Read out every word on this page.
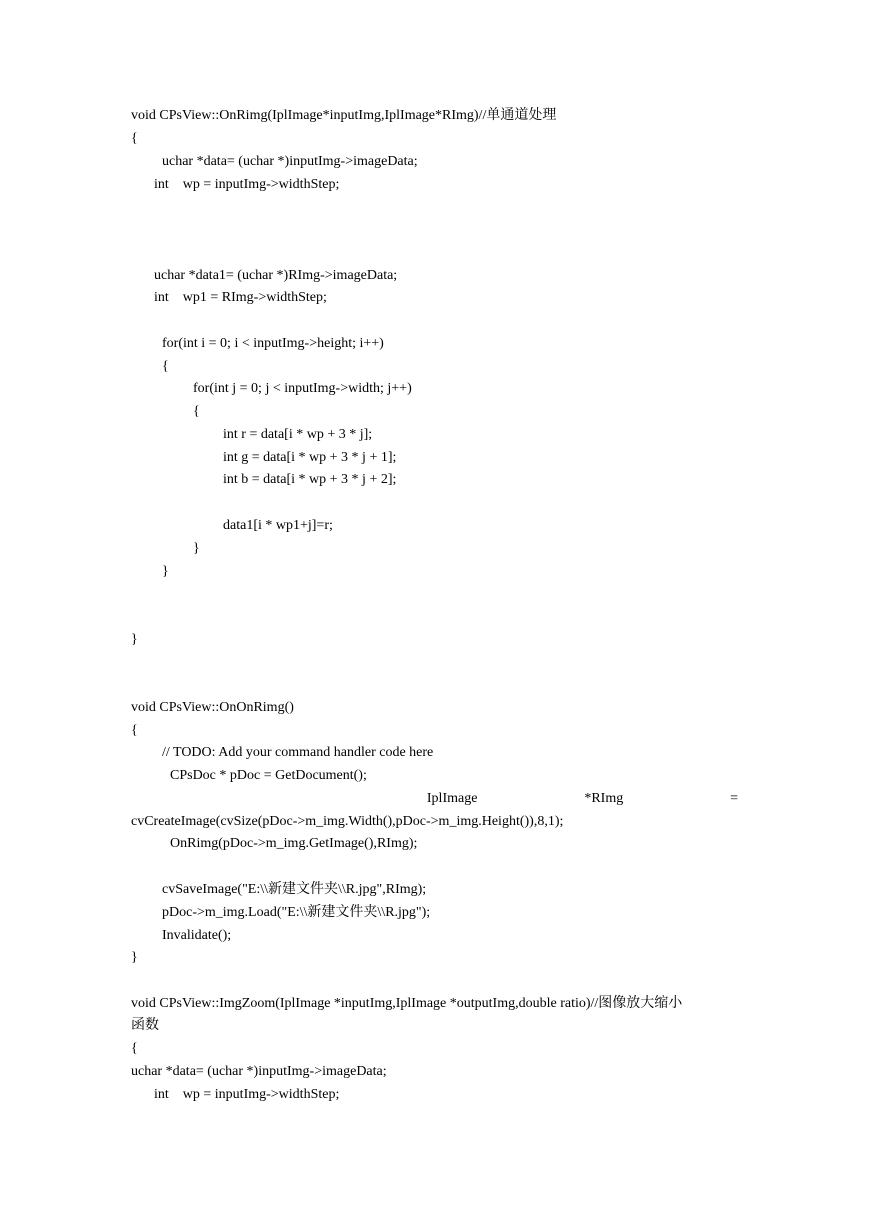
void CPsView::OnRimg(IplImage*inputImg,IplImage*RImg)//单通道处理
{
uchar *data= (uchar *)inputImg->imageData;
int    wp = inputImg->widthStep;
uchar *data1= (uchar *)RImg->imageData;
int    wp1 = RImg->widthStep;
for(int i = 0; i < inputImg->height; i++)
{
for(int j = 0; j < inputImg->width; j++)
{
int r = data[i * wp + 3 * j];
int g = data[i * wp + 3 * j + 1];
int b = data[i * wp + 3 * j + 2];
data1[i * wp1+j]=r;
}
}
}
void CPsView::OnOnRimg()
{
// TODO: Add your command handler code here
CPsDoc * pDoc = GetDocument();
IplImage	*RImg	=
cvCreateImage(cvSize(pDoc->m_img.Width(),pDoc->m_img.Height()),8,1);
OnRimg(pDoc->m_img.GetImage(),RImg);
cvSaveImage("E:\\新建文件夹\\R.jpg",RImg);
pDoc->m_img.Load("E:\\新建文件夹\\R.jpg");
Invalidate();
}
void CPsView::ImgZoom(IplImage *inputImg,IplImage *outputImg,double ratio)//图像放大缩小
函数
{
uchar *data= (uchar *)inputImg->imageData;
int    wp = inputImg->widthStep;
